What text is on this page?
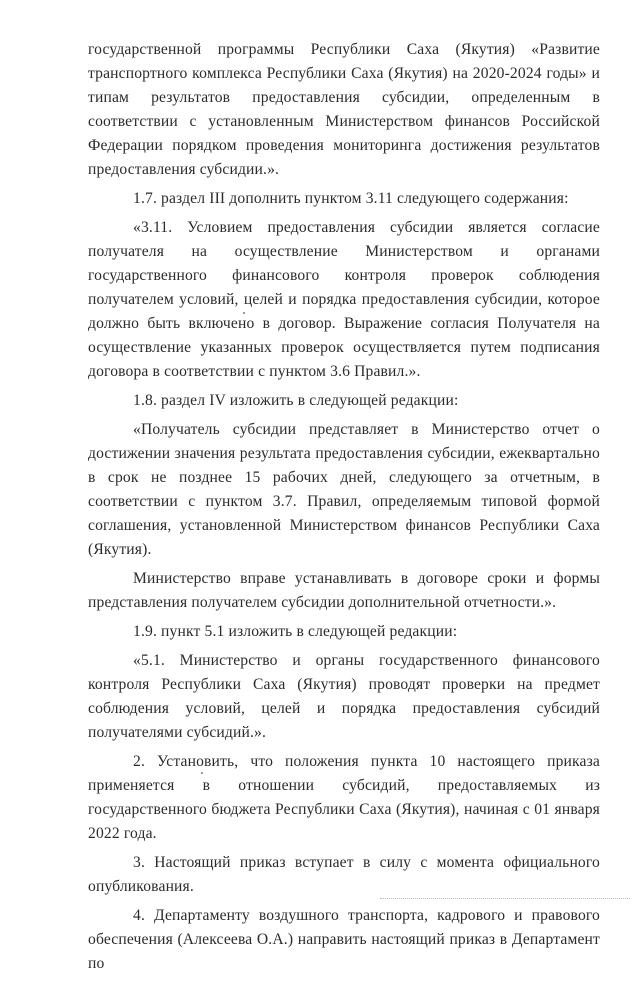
государственной программы Республики Саха (Якутия) «Развитие транспортного комплекса Республики Саха (Якутия) на 2020-2024 годы» и типам результатов предоставления субсидии, определенным в соответствии с установленным Министерством финансов Российской Федерации порядком проведения мониторинга достижения результатов предоставления субсидии.».

1.7. раздел III дополнить пунктом 3.11 следующего содержания:

«3.11. Условием предоставления субсидии является согласие получателя на осуществление Министерством и органами государственного финансового контроля проверок соблюдения получателем условий, целей и порядка предоставления субсидии, которое должно быть включено в договор. Выражение согласия Получателя на осуществление указанных проверок осуществляется путем подписания договора в соответствии с пунктом 3.6 Правил.».

1.8. раздел IV изложить в следующей редакции:

«Получатель субсидии представляет в Министерство отчет о достижении значения результата предоставления субсидии, ежеквартально в срок не позднее 15 рабочих дней, следующего за отчетным, в соответствии с пунктом 3.7. Правил, определяемым типовой формой соглашения, установленной Министерством финансов Республики Саха (Якутия).

Министерство вправе устанавливать в договоре сроки и формы представления получателем субсидии дополнительной отчетности.».

1.9. пункт 5.1 изложить в следующей редакции:

«5.1. Министерство и органы государственного финансового контроля Республики Саха (Якутия) проводят проверки на предмет соблюдения условий, целей и порядка предоставления субсидий получателями субсидий.».

2. Установить, что положения пункта 10 настоящего приказа применяется в отношении субсидий, предоставляемых из государственного бюджета Республики Саха (Якутия), начиная с 01 января 2022 года.

3. Настоящий приказ вступает в силу с момента официального опубликования.

4. Департаменту воздушного транспорта, кадрового и правового обеспечения (Алексеева О.А.) направить настоящий приказ в Департамент по
